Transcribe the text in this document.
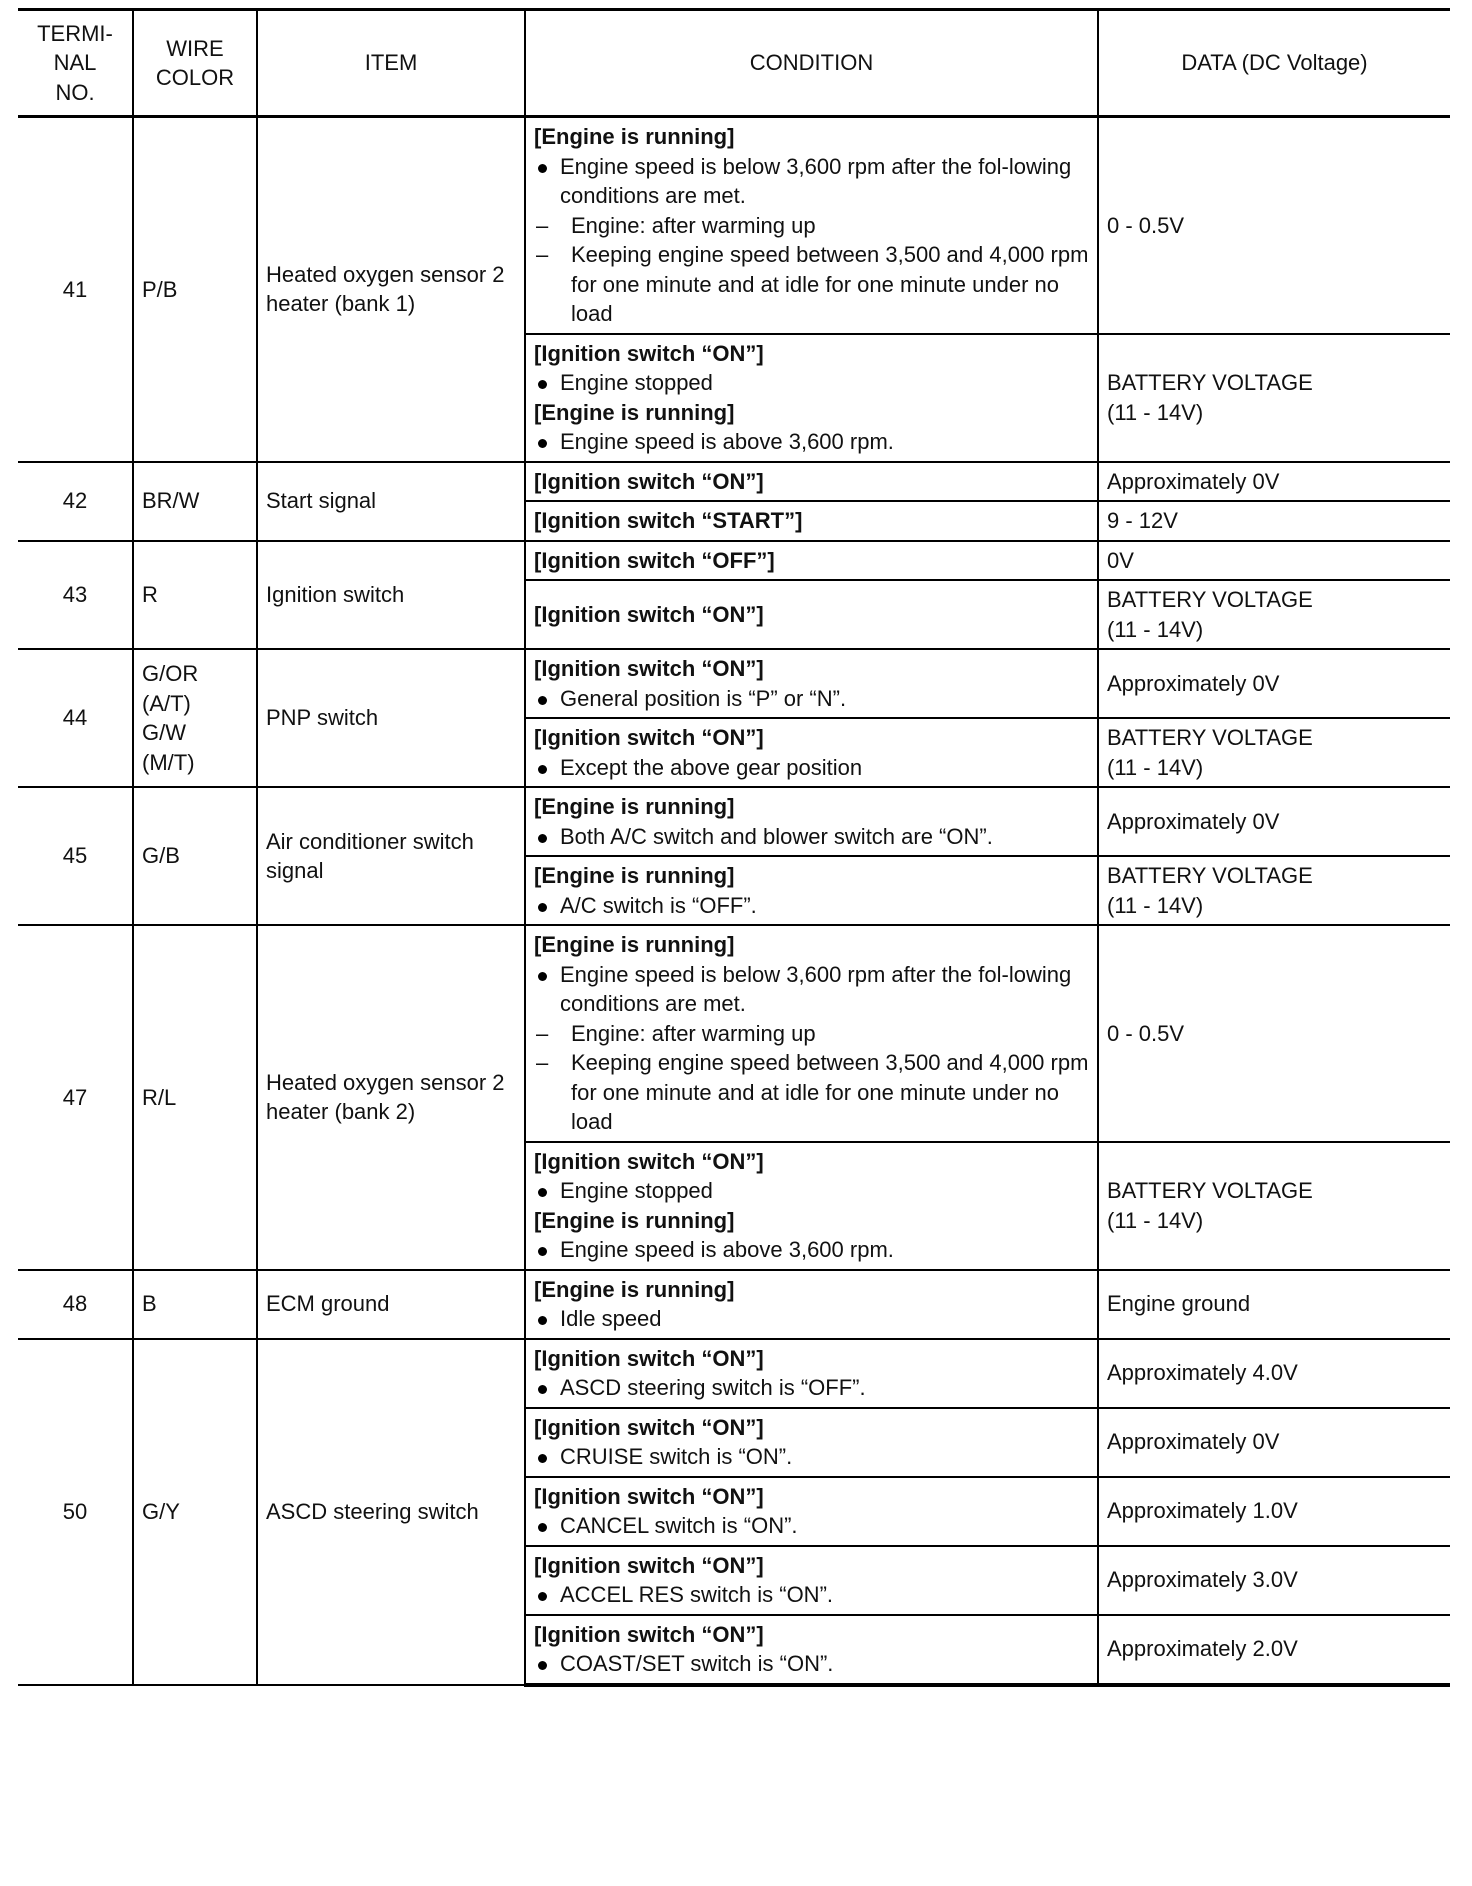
TERMI-
NAL
NO.	WIRE
COLOR	ITEM	CONDITION	DATA (DC Voltage)
41	P/B	Heated oxygen sensor 2 heater (bank 1)	[Engine is running]
Engine speed is below 3,600 rpm after the fol-lowing conditions are met.
– Engine: after warming up
– Keeping engine speed between 3,500 and 4,000 rpm for one minute and at idle for one minute under no load	0 - 0.5V

			[Ignition switch “ON”]
Engine stopped
[Engine is running]
Engine speed is above 3,600 rpm.	BATTERY VOLTAGE
(11 - 14V)

42	BR/W	Start signal	[Ignition switch “ON”]	Approximately 0V

			[Ignition switch “START”]	9 - 12V

43	R	Ignition switch	[Ignition switch “OFF”]	0V

			[Ignition switch “ON”]	BATTERY VOLTAGE
(11 - 14V)

44	G/OR
(A/T)
G/W
(M/T)	PNP switch	[Ignition switch “ON”]
General position is “P” or “N”.	Approximately 0V

			[Ignition switch “ON”]
Except the above gear position	BATTERY VOLTAGE
(11 - 14V)

45	G/B	Air conditioner switch signal	[Engine is running]
Both A/C switch and blower switch are “ON”.	Approximately 0V

			[Engine is running]
A/C switch is “OFF”.	BATTERY VOLTAGE
(11 - 14V)

47	R/L	Heated oxygen sensor 2 heater (bank 2)	[Engine is running]
Engine speed is below 3,600 rpm after the fol-lowing conditions are met.
– Engine: after warming up
– Keeping engine speed between 3,500 and 4,000 rpm for one minute and at idle for one minute under no load	0 - 0.5V

			[Ignition switch “ON”]
Engine stopped
[Engine is running]
Engine speed is above 3,600 rpm.	BATTERY VOLTAGE
(11 - 14V)

48	B	ECM ground	[Engine is running]
Idle speed	Engine ground

50	G/Y	ASCD steering switch	[Ignition switch “ON”]
ASCD steering switch is “OFF”.	Approximately 4.0V

			[Ignition switch “ON”]
CRUISE switch is “ON”.	Approximately 0V

			[Ignition switch “ON”]
CANCEL switch is “ON”.	Approximately 1.0V

			[Ignition switch “ON”]
ACCEL RES switch is “ON”.	Approximately 3.0V

			[Ignition switch “ON”]
COAST/SET switch is “ON”.	Approximately 2.0V
